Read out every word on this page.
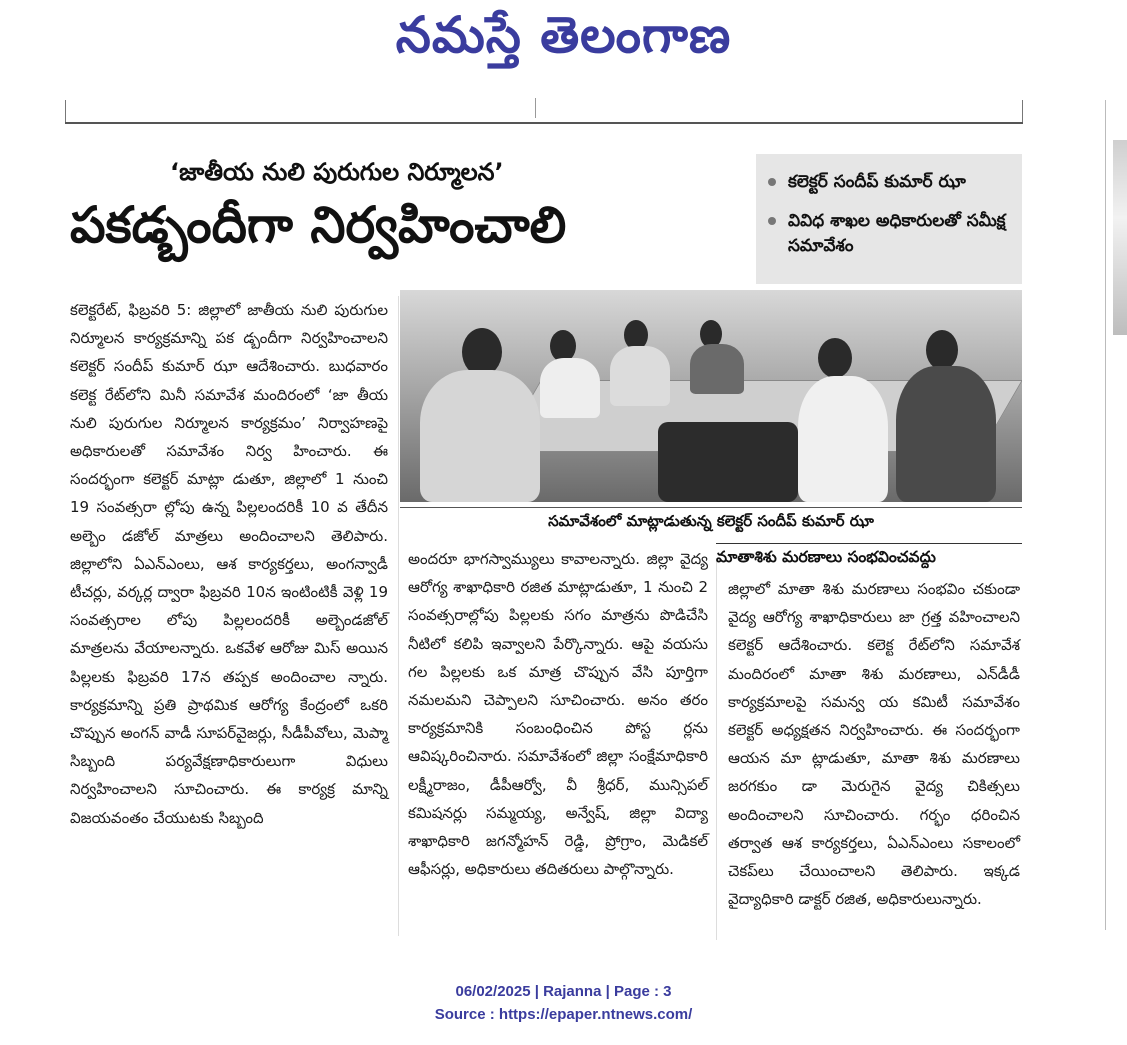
నమస్తే తెలంగాణ
‘జాతీయ నులి పురుగుల నిర్మూలన’
పకడ్బందీగా నిర్వహించాలి
కలెక్టర్ సందీప్ కుమార్ ఝా
వివిధ శాఖల అధికారులతో సమీక్ష సమావేశం
సమావేశంలో మాట్లాడుతున్న కలెక్టర్ సందీప్ కుమార్ ఝా
కలెక్టరేట్, ఫిబ్రవరి 5: జిల్లాలో జాతీయ నులి పురుగుల నిర్మూలన కార్యక్రమాన్ని పక డ్బందీగా నిర్వహించాలని కలెక్టర్ సందీప్ కుమార్ ఝా ఆదేశించారు. బుధవారం కలెక్ట రేట్‌లోని మినీ సమావేశ మందిరంలో ‘జా తీయ నులి పురుగుల నిర్మూలన కార్యక్రమం’ నిర్వాహణపై అధికారులతో సమావేశం నిర్వ హించారు. ఈ సందర్భంగా కలెక్టర్ మాట్లా డుతూ, జిల్లాలో 1 నుంచి 19 సంవత్సరా ల్లోపు ఉన్న పిల్లలందరికీ 10 వ తేదీన అల్బెం డజోల్ మాత్రలు అందించాలని తెలిపారు. జిల్లాలోని ఏఎన్ఎంలు, ఆశ కార్యకర్తలు, అంగన్వాడీ టీచర్లు, వర్కర్ల ద్వారా ఫిబ్రవరి 10న ఇంటింటికీ వెళ్లి 19 సంవత్సరాల లోపు పిల్లలందరికీ అల్బెండజోల్ మాత్రలను వేయాలన్నారు. ఒకవేళ ఆరోజు మిస్ అయిన పిల్లలకు ఫిబ్రవరి 17న తప్పక అందించాల న్నారు. కార్యక్రమాన్ని ప్రతి ప్రాథమిక ఆరోగ్య కేంద్రంలో ఒకరి చొప్పున అంగన్ వాడీ సూపర్‌వైజర్లు, సీడీపీవోలు, మెప్మా సిబ్బంది పర్యవేక్షణాధికారులుగా విధులు నిర్వహించాలని సూచించారు. ఈ కార్యక్ర మాన్ని విజయవంతం చేయుటకు సిబ్బంది
అందరూ భాగస్వామ్యులు కావాలన్నారు. జిల్లా వైద్య ఆరోగ్య శాఖాధికారి రజిత మాట్లాడుతూ, 1 నుంచి 2 సంవత్సరాల్లోపు పిల్లలకు సగం మాత్రను పొడిచేసి నీటిలో కలిపి ఇవ్వాలని పేర్కొన్నారు. ఆపై వయసు గల పిల్లలకు ఒక మాత్ర చొప్పున వేసి పూర్తిగా నమలమని చెప్పాలని సూచించారు. అనం తరం కార్యక్రమానికి సంబంధించిన పోస్ట ర్లను ఆవిష్కరించినారు. సమావేశంలో జిల్లా సంక్షేమాధికారి లక్ష్మీరాజం, డీపీఆర్వో, వీ శ్రీధర్, మున్సిపల్ కమిషనర్లు సమ్మయ్య, అన్వేష్, జిల్లా విద్యా శాఖాధికారి జగన్మోహన్ రెడ్డి, ప్రోగ్రాం, మెడికల్ ఆఫీసర్లు, అధికారులు తదితరులు పాల్గొన్నారు.
మాతాశిశు మరణాలు సంభవించవద్దు
జిల్లాలో మాతా శిశు మరణాలు సంభవిం చకుండా వైద్య ఆరోగ్య శాఖాధికారులు జా గ్రత్త వహించాలని కలెక్టర్ ఆదేశించారు. కలెక్ట రేట్‌లోని సమావేశ మందిరంలో మాతా శిశు మరణాలు, ఎన్‌డీడీ కార్యక్రమాలపై సమన్వ య కమిటీ సమావేశం కలెక్టర్ అధ్యక్షతన నిర్వహించారు. ఈ సందర్భంగా ఆయన మా ట్లాడుతూ, మాతా శిశు మరణాలు జరగకుం డా మెరుగైన వైద్య చికిత్సలు అందించాలని సూచించారు. గర్భం ధరించిన తర్వాత ఆశ కార్యకర్తలు, ఏఎన్ఎంలు సకాలంలో చెకప్‌లు చేయించాలని తెలిపారు. ఇక్కడ వైద్యాధికారి డాక్టర్ రజిత, అధికారులున్నారు.
06/02/2025 | Rajanna | Page : 3
Source : https://epaper.ntnews.com/
